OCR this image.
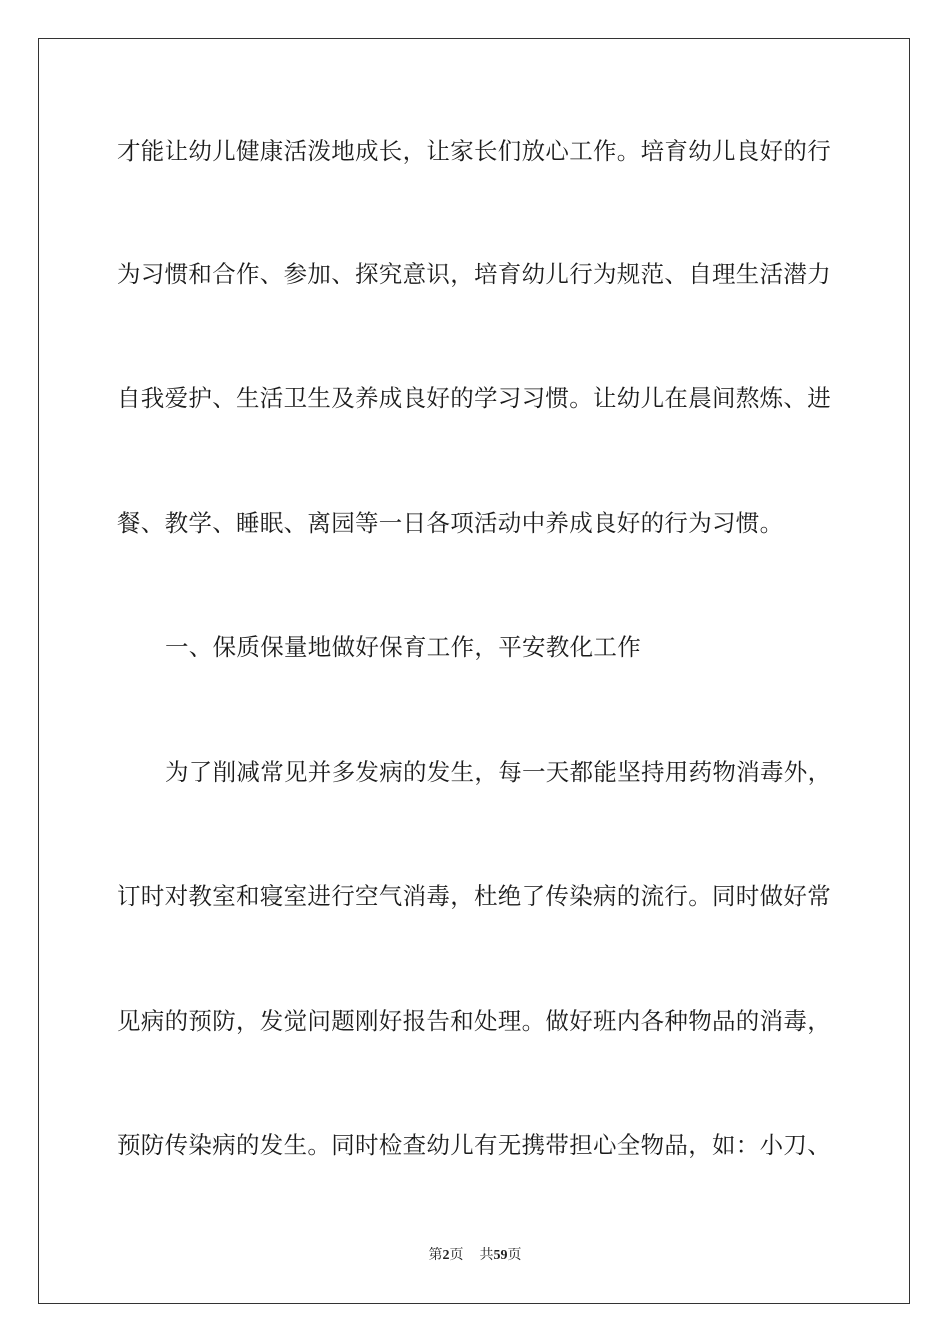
才能让幼儿健康活泼地成长，让家长们放心工作。培育幼儿良好的行
为习惯和合作、参加、探究意识，培育幼儿行为规范、自理生活潜力
自我爱护、生活卫生及养成良好的学习习惯。让幼儿在晨间熬炼、进
餐、教学、睡眠、离园等一日各项活动中养成良好的行为习惯。
一、保质保量地做好保育工作，平安教化工作
为了削减常见并多发病的发生，每一天都能坚持用药物消毒外，
订时对教室和寝室进行空气消毒，杜绝了传染病的流行。同时做好常
见病的预防，发觉问题刚好报告和处理。做好班内各种物品的消毒，
预防传染病的发生。同时检查幼儿有无携带担心全物品，如：小刀、
第2页 共59页
